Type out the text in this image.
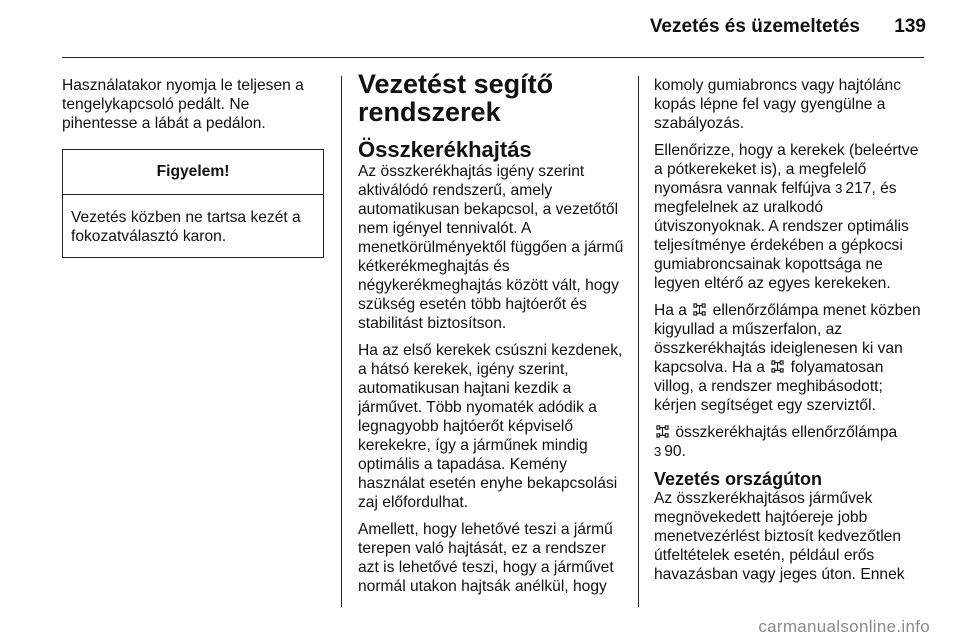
Vezetés és üzemeltetés	139

Használatakor nyomja le teljesen a tengelykapcsoló pedált. Ne pihentesse a lábát a pedálon.

Figyelem!
Vezetés közben ne tartsa kezét a fokozatválasztó karon.
Vezetést segítő rendszerek
Összkerékhajtás

Az összkerékhajtás igény szerint aktiválódó rendszerű, amely automatikusan bekapcsol, a vezetőtől nem igényel tennivalót. A menetkörülményektől függően a jármű kétkerékmeghajtás és négykerékmeghajtás között vált, hogy szükség esetén több hajtóerőt és stabilitást biztosítson.

Ha az első kerekek csúszni kezdenek, a hátsó kerekek, igény szerint, automatikusan hajtani kezdik a járművet. Több nyomaték adódik a legnagyobb hajtóerőt képviselő kerekekre, így a járműnek mindig optimális a tapadása. Kemény használat esetén enyhe bekapcsolási zaj előfordulhat.

Amellett, hogy lehetővé teszi a jármű terepen való hajtását, ez a rendszer azt is lehetővé teszi, hogy a járművet normál utakon hajtsák anélkül, hogy

komoly gumiabroncs vagy hajtólánc kopás lépne fel vagy gyengülne a szabályozás.

Ellenőrizze, hogy a kerekek (beleértve a pótkerekeket is), a megfelelő nyomásra vannak felfújva 3 217, és megfelelnek az uralkodó útviszonyoknak. A rendszer optimális teljesítménye érdekében a gépkocsi gumiabroncsainak kopottsága ne legyen eltérő az egyes kerekeken.

Ha a ellenőrzőlámpa menet közben kigyullad a műszerfalon, az összkerékhajtás ideiglenesen ki van kapcsolva. Ha a folyamatosan villog, a rendszer meghibásodott; kérjen segítséget egy szerviztől.

összkerékhajtás ellenőrzőlámpa
3 90.

Vezetés országúton

Az összkerékhajtásos járművek megnövekedett hajtóereje jobb menetvezérlést biztosít kedvezőtlen útfeltételek esetén, például erős havazásban vagy jeges úton. Ennek

carmanualsonline.info
